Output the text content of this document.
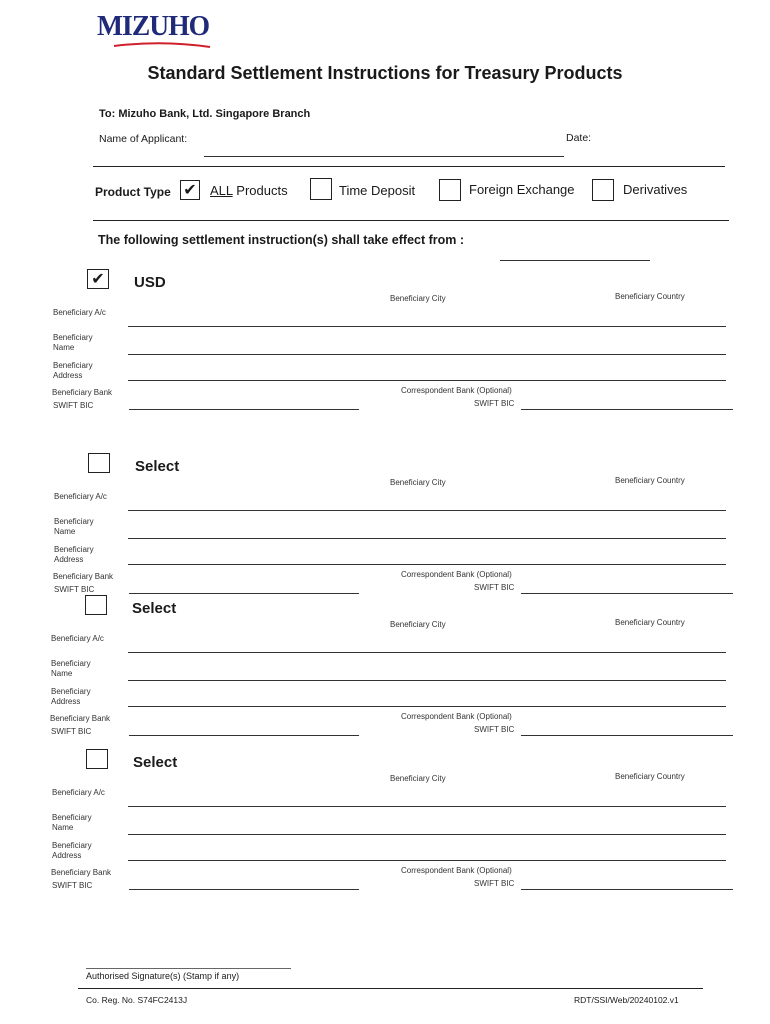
MIZUHO
Standard Settlement Instructions for Treasury Products
To: Mizuho Bank, Ltd. Singapore Branch
Name of Applicant:	Date:
Product Type ✔ ALL Products	Time Deposit	Foreign Exchange	Derivatives
The following settlement instruction(s) shall take effect from :
✔ USD
Beneficiary City	Beneficiary Country
Beneficiary A/c
Beneficiary
Name
Beneficiary
Address
Beneficiary Bank	Correspondent Bank (Optional)
SWIFT BIC	SWIFT BIC
Select
Beneficiary City	Beneficiary Country
Beneficiary A/c
Beneficiary
Name
Beneficiary
Address
Beneficiary Bank	Correspondent Bank (Optional)
SWIFT BIC	SWIFT BIC
Select
Beneficiary City	Beneficiary Country
Beneficiary A/c
Beneficiary
Name
Beneficiary
Address
Beneficiary Bank	Correspondent Bank (Optional)
SWIFT BIC	SWIFT BIC
Select
Beneficiary City	Beneficiary Country
Beneficiary A/c
Beneficiary
Name
Beneficiary
Address
Beneficiary Bank	Correspondent Bank (Optional)
SWIFT BIC	SWIFT BIC
Authorised Signature(s) (Stamp if any)
Co. Reg. No. S74FC2413J	RDT/SSI/Web/20240102.v1
